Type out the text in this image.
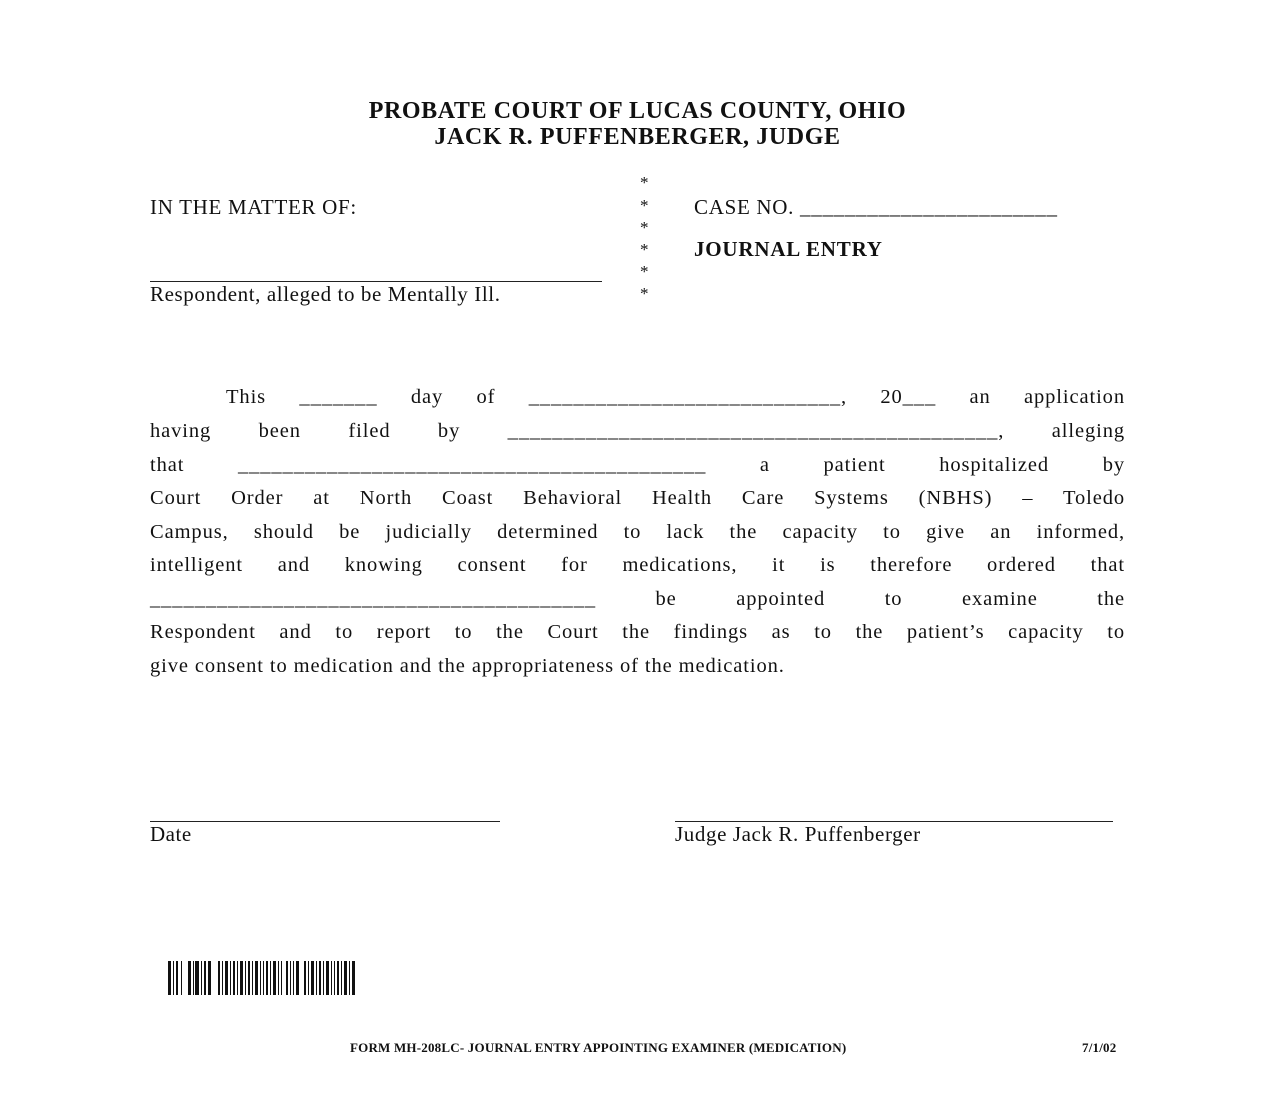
PROBATE COURT OF LUCAS COUNTY, OHIO
JACK R. PUFFENBERGER, JUDGE
IN THE MATTER OF:
Respondent, alleged to be Mentally Ill.
*
*
*
*
*
*
CASE NO. _______________________
JOURNAL ENTRY
This _______ day of ____________________________, 20___ an application
having been filed by ____________________________________________, alleging
that __________________________________________ a patient hospitalized by
Court Order at North Coast Behavioral Health Care Systems (NBHS) – Toledo
Campus, should be judicially determined to lack the capacity to give an informed,
intelligent and knowing consent for medications, it is therefore ordered that
________________________________________ be appointed to examine the
Respondent and to report to the Court the findings as to the patient’s capacity to
give consent to medication and the appropriateness of the medication.
Date	Judge Jack R. Puffenberger
FORM MH-208LC- JOURNAL ENTRY APPOINTING EXAMINER (MEDICATION)	7/1/02
